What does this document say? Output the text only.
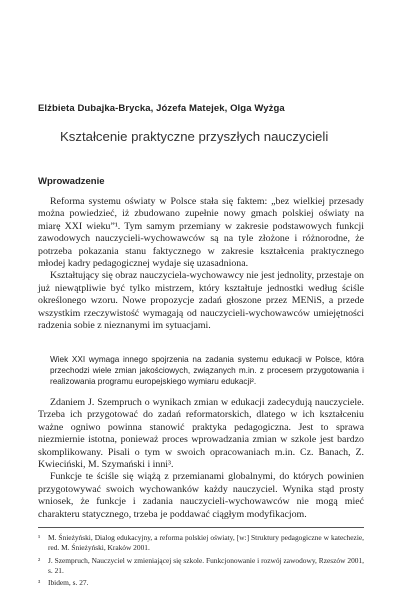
Elżbieta Dubajka-Brycka, Józefa Matejek, Olga Wyżga
Kształcenie praktyczne przyszłych nauczycieli
Wprowadzenie

Reforma systemu oświaty w Polsce stała się faktem: „bez wielkiej przesady można powiedzieć, iż zbudowano zupełnie nowy gmach polskiej oświaty na miarę XXI wieku”¹. Tym samym przemiany w zakresie podstawowych funkcji zawodowych nauczycieli-wychowawców są na tyle złożone i różnorodne, że potrzeba pokazania stanu faktycznego w zakresie kształcenia praktycznego młodej kadry pedagogicznej wydaje się uzasadniona.

Kształtujący się obraz nauczyciela-wychowawcy nie jest jednolity, przestaje on już niewątpliwie być tylko mistrzem, który kształtuje jednostki według ściśle określonego wzoru. Nowe propozycje zadań głoszone przez MENiS, a przede wszystkim rzeczywistość wymagają od nauczycieli-wychowawców umiejętności radzenia sobie z nieznanymi im sytuacjami.

Wiek XXI wymaga innego spojrzenia na zadania systemu edukacji w Polsce, która przechodzi wiele zmian jakościowych, związanych m.in. z procesem przygotowania i realizowania programu europejskiego wymiaru edukacji².

Zdaniem J. Szempruch o wynikach zmian w edukacji zadecydują nauczyciele. Trzeba ich przygotować do zadań reformatorskich, dlatego w ich kształceniu ważne ogniwo powinna stanowić praktyka pedagogiczna. Jest to sprawa niezmiernie istotna, ponieważ proces wprowadzania zmian w szkole jest bardzo skomplikowany. Pisali o tym w swoich opracowaniach m.in. Cz. Banach, Z. Kwieciński, M. Szymański i inni³.

Funkcje te ściśle się wiążą z przemianami globalnymi, do których powinien przygotowywać swoich wychowanków każdy nauczyciel. Wynika stąd prosty wniosek, że funkcje i zadania nauczycieli-wychowawców nie mogą mieć charakteru statycznego, trzeba je poddawać ciągłym modyfikacjom.

¹ M. Śnieżyński, Dialog edukacyjny, a reforma polskiej oświaty, [w:] Struktury pedagogiczne w katechezie, red. M. Śnieżyński, Kraków 2001.
² J. Szempruch, Nauczyciel w zmieniającej się szkole. Funkcjonowanie i rozwój zawodowy, Rzeszów 2001, s. 21.
³ Ibidem, s. 27.
